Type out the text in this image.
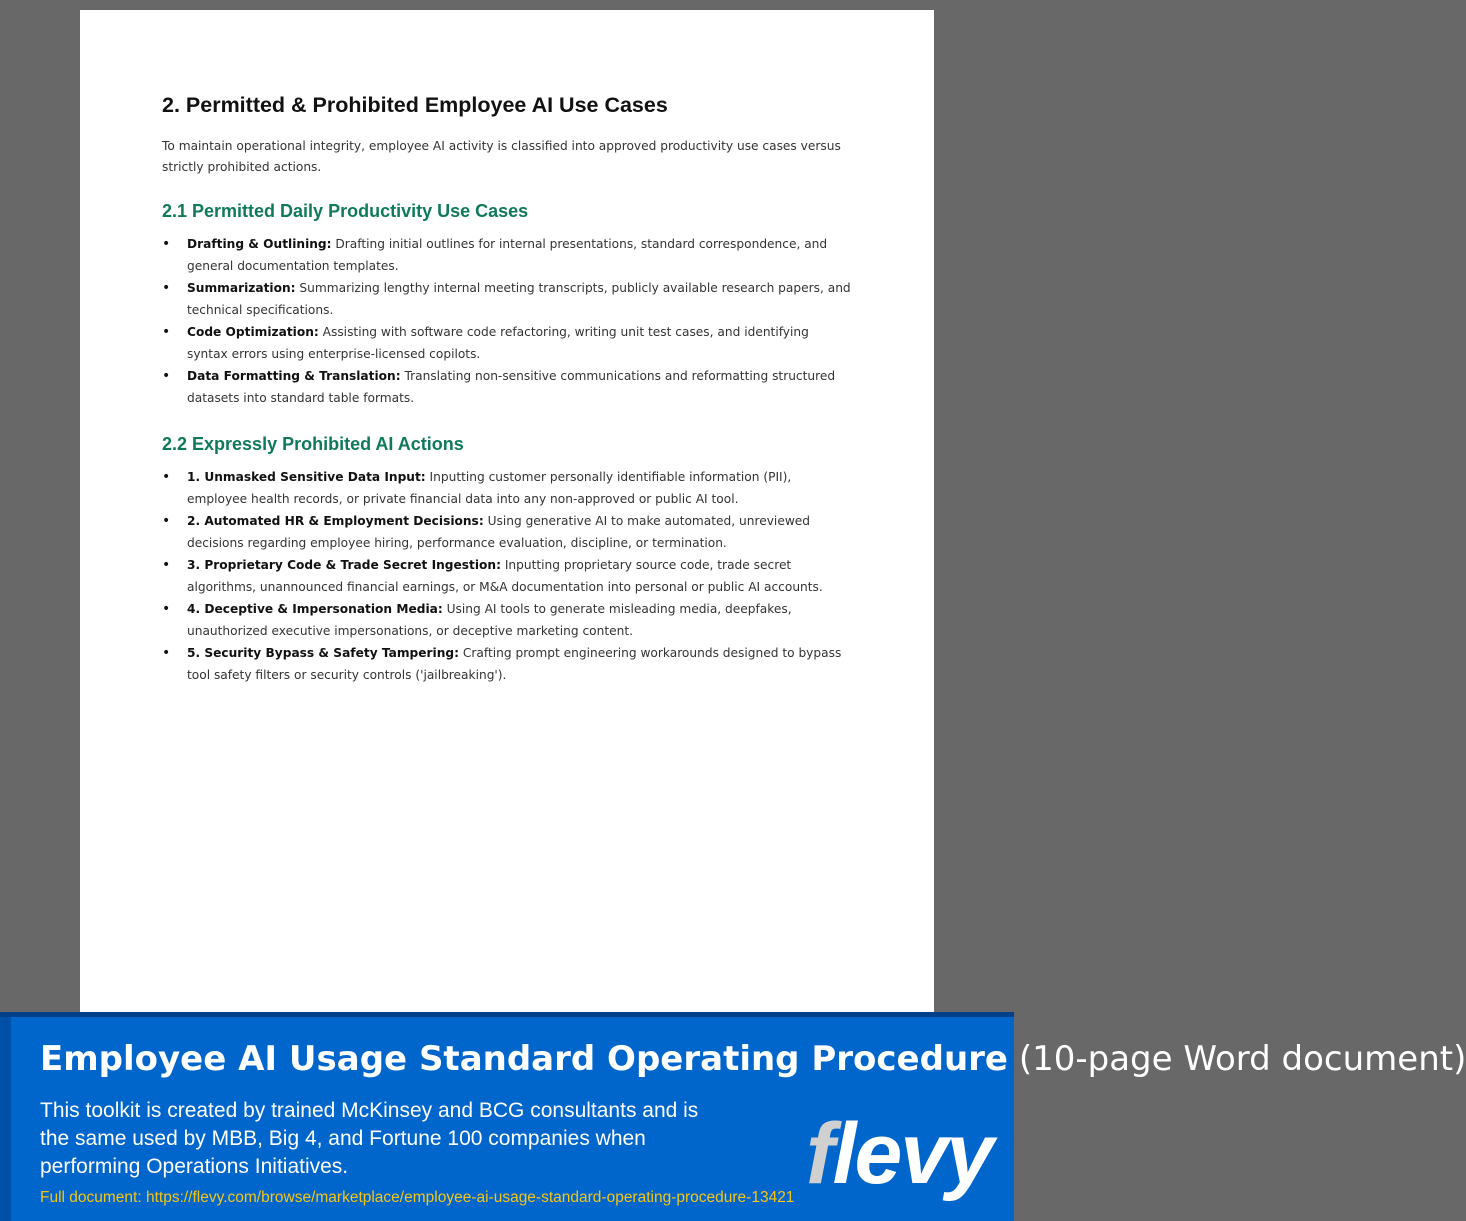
2. Permitted & Prohibited Employee AI Use Cases

To maintain operational integrity, employee AI activity is classified into approved productivity use cases versus strictly prohibited actions.

2.1 Permitted Daily Productivity Use Cases
• Drafting & Outlining: Drafting initial outlines for internal presentations, standard correspondence, and general documentation templates.
• Summarization: Summarizing lengthy internal meeting transcripts, publicly available research papers, and technical specifications.
• Code Optimization: Assisting with software code refactoring, writing unit test cases, and identifying syntax errors using enterprise-licensed copilots.
• Data Formatting & Translation: Translating non-sensitive communications and reformatting structured datasets into standard table formats.
2.2 Expressly Prohibited AI Actions
• 1. Unmasked Sensitive Data Input: Inputting customer personally identifiable information (PII), employee health records, or private financial data into any non-approved or public AI tool.
• 2. Automated HR & Employment Decisions: Using generative AI to make automated, unreviewed decisions regarding employee hiring, performance evaluation, discipline, or termination.
• 3. Proprietary Code & Trade Secret Ingestion: Inputting proprietary source code, trade secret algorithms, unannounced financial earnings, or M&A documentation into personal or public AI accounts.
• 4. Deceptive & Impersonation Media: Using AI tools to generate misleading media, deepfakes, unauthorized executive impersonations, or deceptive marketing content.
• 5. Security Bypass & Safety Tampering: Crafting prompt engineering workarounds designed to bypass tool safety filters or security controls ('jailbreaking').
Employee AI Usage Standard Operating Procedure (10-page Word document)
This toolkit is created by trained McKinsey and BCG consultants and is the same used by MBB, Big 4, and Fortune 100 companies when performing Operations Initiatives.
Full document: https://flevy.com/browse/marketplace/employee-ai-usage-standard-operating-procedure-13421 flevy
